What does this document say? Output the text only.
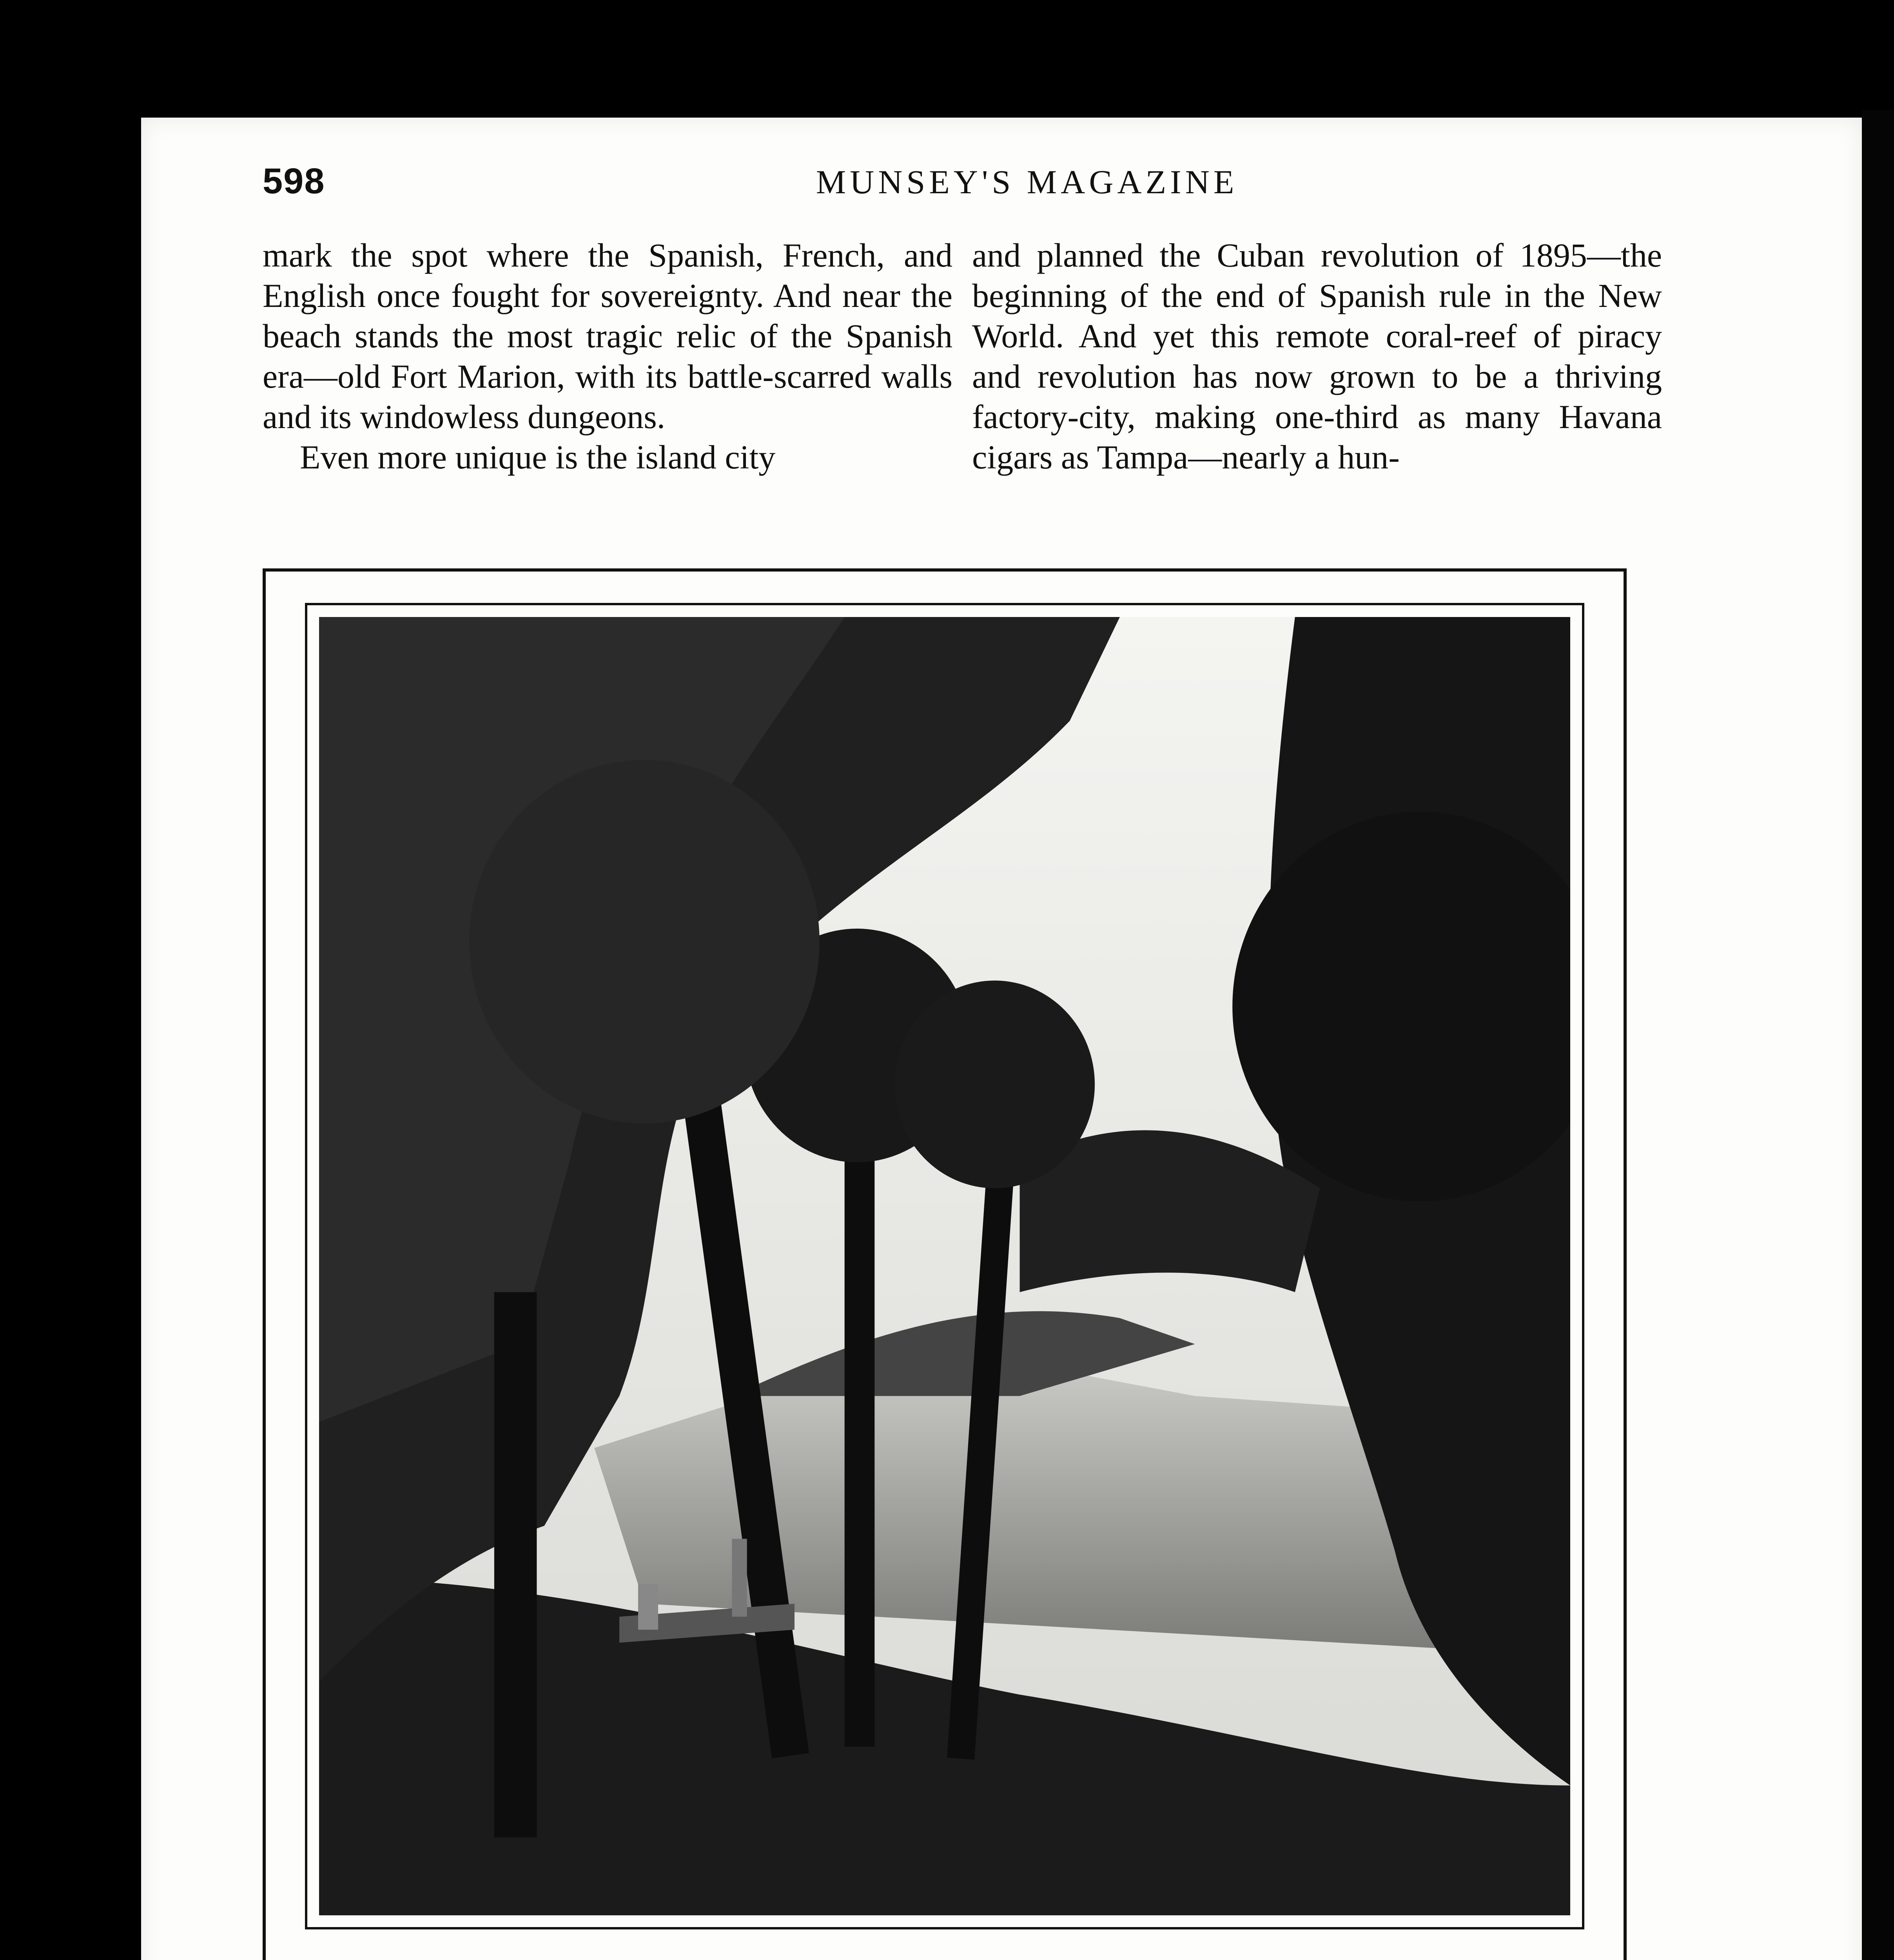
598	MUNSEY'S MAGAZINE

mark the spot where the Spanish, French, and English once fought for sovereignty. And near the beach stands the most tragic relic of the Spanish era—old Fort Marion, with its battle-scarred walls and its windowless dungeons.

Even more unique is the island city

and planned the Cuban revolution of 1895—the beginning of the end of Spanish rule in the New World. And yet this remote coral-reef of piracy and revolution has now grown to be a thriving factory-city, making one-third as many Havana cigars as Tampa—nearly a hun-
